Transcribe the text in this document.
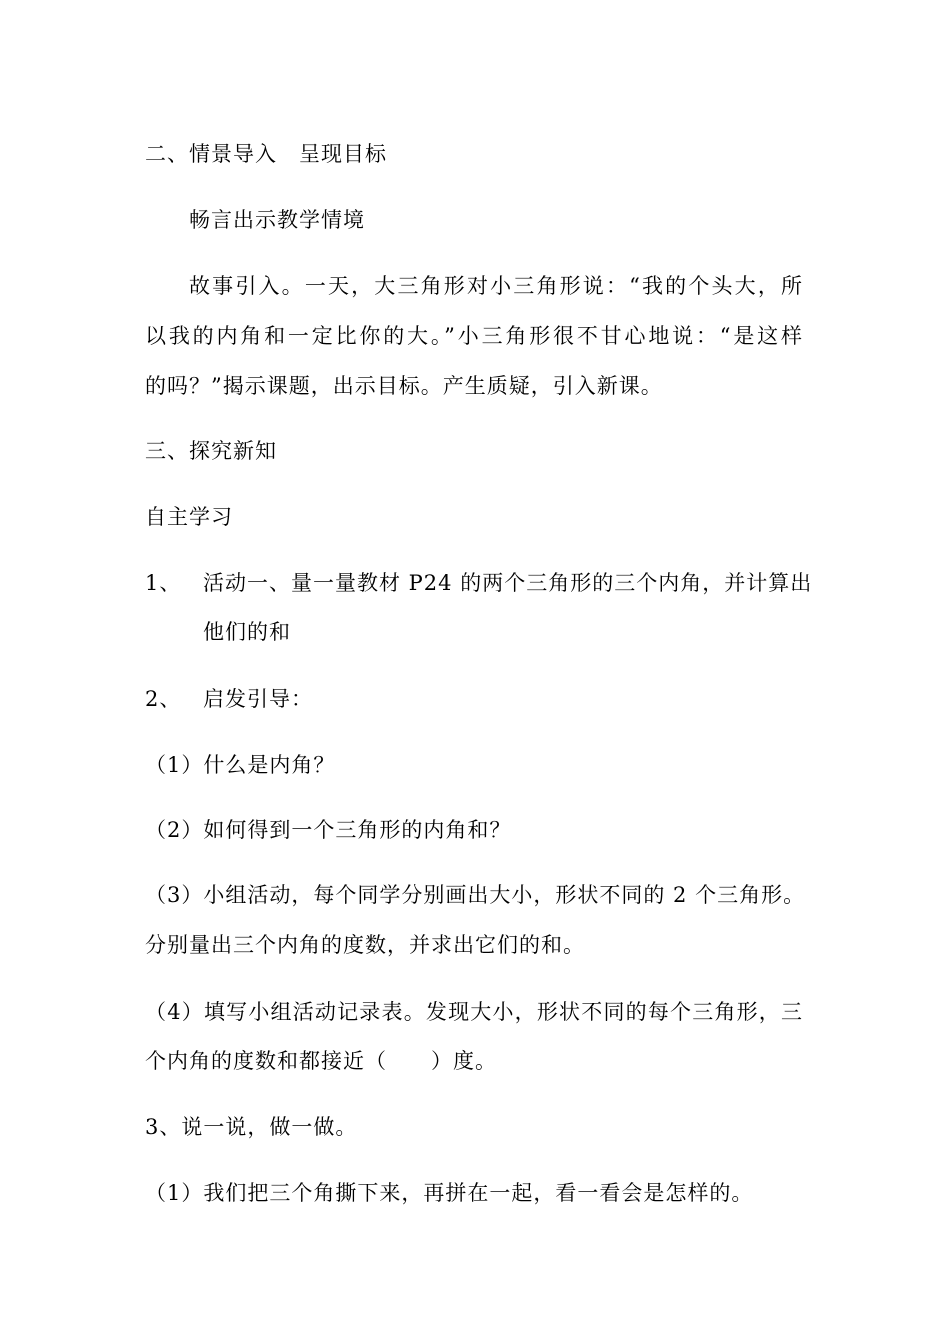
二、情景导入　呈现目标
畅言出示教学情境
故事引入。一天，大三角形对小三角形说：“我的个头大，所
以我的内角和一定比你的大。”小三角形很不甘心地说：“是这样
的吗？”揭示课题，出示目标。产生质疑，引入新课。
三、探究新知
自主学习
1、 活动一、量一量教材 P24 的两个三角形的三个内角，并计算出
他们的和
2、 启发引导：
（1）什么是内角？
（2）如何得到一个三角形的内角和？
（3）小组活动，每个同学分别画出大小，形状不同的 2 个三角形。
分别量出三个内角的度数，并求出它们的和。
（4）填写小组活动记录表。发现大小，形状不同的每个三角形，三
个内角的度数和都接近（　　）度。
3、说一说，做一做。
（1）我们把三个角撕下来，再拼在一起，看一看会是怎样的。
